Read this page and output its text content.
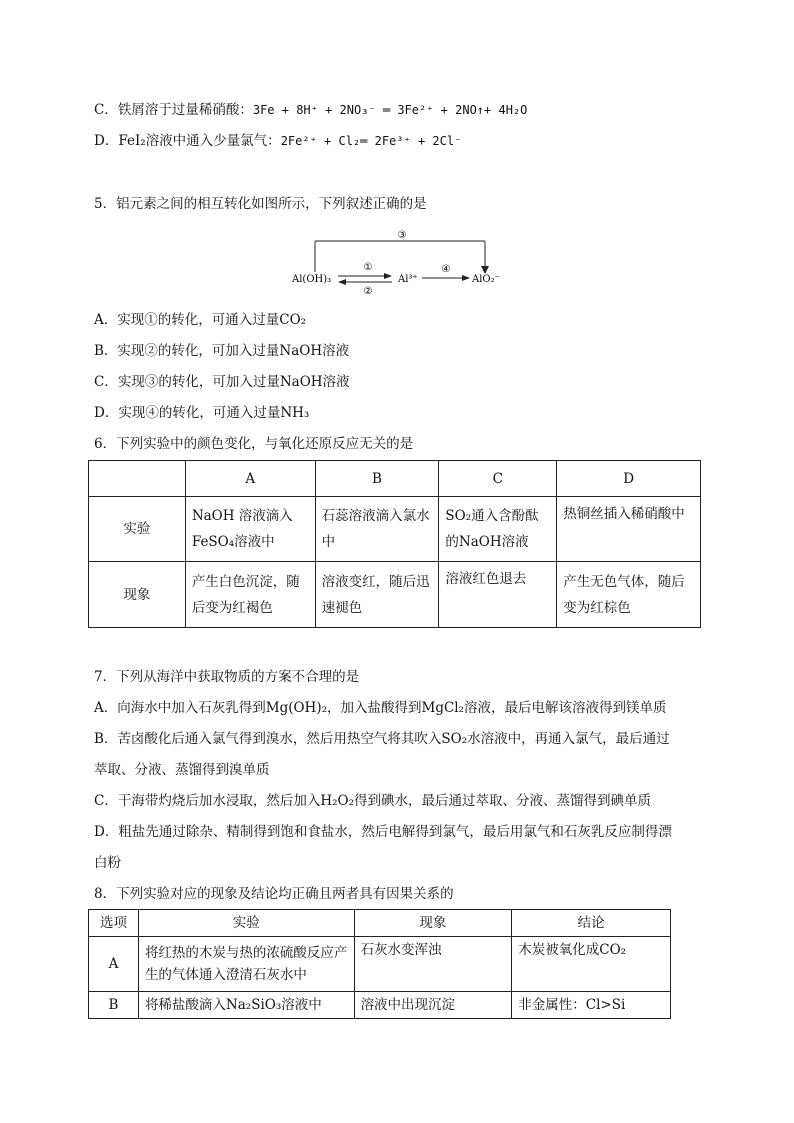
C．铁屑溶于过量稀硝酸：3Fe + 8H⁺ + 2NO₃⁻ ═ 3Fe²⁺ + 2NO↑+ 4H₂O
D．FeI₂溶液中通入少量氯气：2Fe²⁺ + Cl₂═ 2Fe³⁺ + 2Cl⁻
5．铝元素之间的相互转化如图所示，下列叙述正确的是
③
Al(OH)₃	Al³⁺	AlO₂⁻
①
②
④
A．实现①的转化，可通入过量CO₂
B．实现②的转化，可加入过量NaOH溶液
C．实现③的转化，可加入过量NaOH溶液
D．实现④的转化，可通入过量NH₃
6．下列实验中的颜色变化，与氧化还原反应无关的是
	A	B	C	D
实验	NaOH 溶液滴入FeSO₄溶液中	石蕊溶液滴入氯水中	SO₂通入含酚酞的NaOH溶液	热铜丝插入稀硝酸中
现象	产生白色沉淀，随后变为红褐色	溶液变红，随后迅速褪色	溶液红色退去	产生无色气体，随后变为红棕色
7．下列从海洋中获取物质的方案不合理的是
A．向海水中加入石灰乳得到Mg(OH)₂，加入盐酸得到MgCl₂溶液，最后电解该溶液得到镁单质
B．苦卤酸化后通入氯气得到溴水，然后用热空气将其吹入SO₂水溶液中，再通入氯气，最后通过
萃取、分液、蒸馏得到溴单质
C．干海带灼烧后加水浸取，然后加入H₂O₂得到碘水，最后通过萃取、分液、蒸馏得到碘单质
D．粗盐先通过除杂、精制得到饱和食盐水，然后电解得到氯气，最后用氯气和石灰乳反应制得漂
白粉
8．下列实验对应的现象及结论均正确且两者具有因果关系的
选项	实验	现象	结论
A	将红热的木炭与热的浓硫酸反应产生的气体通入澄清石灰水中	石灰水变浑浊	木炭被氧化成CO₂
B	将稀盐酸滴入Na₂SiO₃溶液中	溶液中出现沉淀	非金属性：Cl>Si
